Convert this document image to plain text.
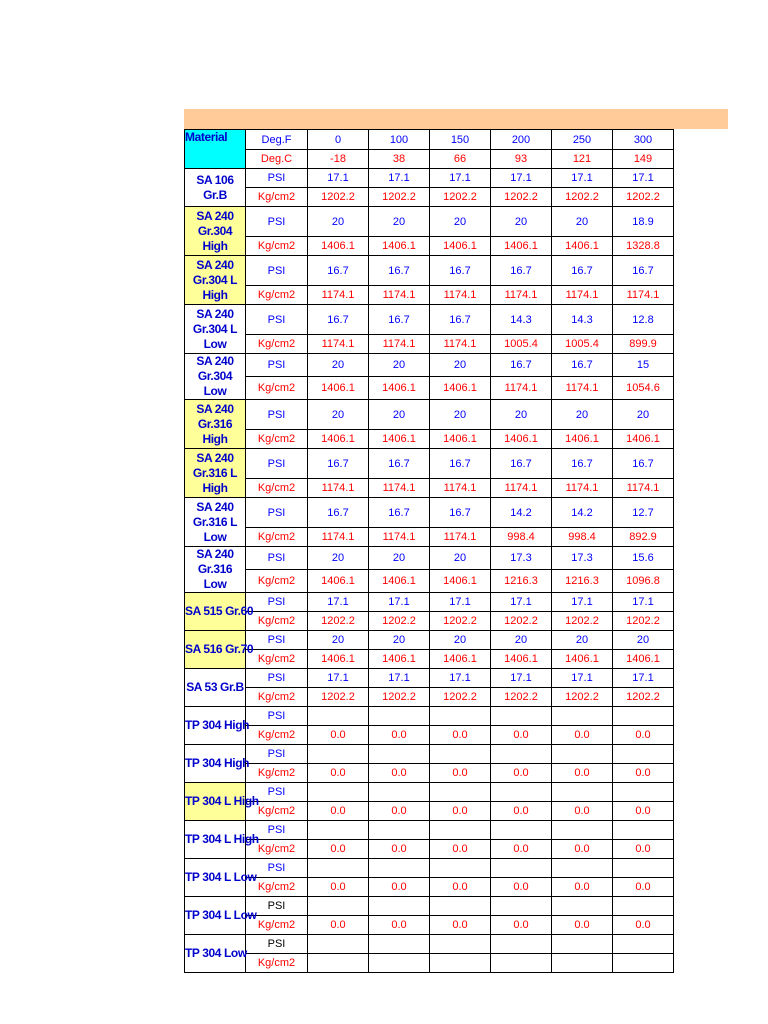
Material	Deg.F	0	100	150	200	250	300
	Deg.C	-18	38	66	93	121	149
SA 106 Gr.B	PSI	17.1	17.1	17.1	17.1	17.1	17.1
	Kg/cm2	1202.2	1202.2	1202.2	1202.2	1202.2	1202.2
SA 240 Gr.304 High	PSI	20	20	20	20	20	18.9
	Kg/cm2	1406.1	1406.1	1406.1	1406.1	1406.1	1328.8
SA 240 Gr.304 L High	PSI	16.7	16.7	16.7	16.7	16.7	16.7
	Kg/cm2	1174.1	1174.1	1174.1	1174.1	1174.1	1174.1
SA 240 Gr.304 L Low	PSI	16.7	16.7	16.7	14.3	14.3	12.8
	Kg/cm2	1174.1	1174.1	1174.1	1005.4	1005.4	899.9
SA 240 Gr.304 Low	PSI	20	20	20	16.7	16.7	15
	Kg/cm2	1406.1	1406.1	1406.1	1174.1	1174.1	1054.6
SA 240 Gr.316 High	PSI	20	20	20	20	20	20
	Kg/cm2	1406.1	1406.1	1406.1	1406.1	1406.1	1406.1
SA 240 Gr.316 L High	PSI	16.7	16.7	16.7	16.7	16.7	16.7
	Kg/cm2	1174.1	1174.1	1174.1	1174.1	1174.1	1174.1
SA 240 Gr.316 L Low	PSI	16.7	16.7	16.7	14.2	14.2	12.7
	Kg/cm2	1174.1	1174.1	1174.1	998.4	998.4	892.9
SA 240 Gr.316 Low	PSI	20	20	20	17.3	17.3	15.6
	Kg/cm2	1406.1	1406.1	1406.1	1216.3	1216.3	1096.8
SA 515 Gr.60	PSI	17.1	17.1	17.1	17.1	17.1	17.1
	Kg/cm2	1202.2	1202.2	1202.2	1202.2	1202.2	1202.2
SA 516 Gr.70	PSI	20	20	20	20	20	20
	Kg/cm2	1406.1	1406.1	1406.1	1406.1	1406.1	1406.1
SA 53 Gr.B	PSI	17.1	17.1	17.1	17.1	17.1	17.1
	Kg/cm2	1202.2	1202.2	1202.2	1202.2	1202.2	1202.2
TP 304 High	PSI						
	Kg/cm2	0.0	0.0	0.0	0.0	0.0	0.0
TP 304 High	PSI						
	Kg/cm2	0.0	0.0	0.0	0.0	0.0	0.0
TP 304 L High	PSI						
	Kg/cm2	0.0	0.0	0.0	0.0	0.0	0.0
TP 304 L High	PSI						
	Kg/cm2	0.0	0.0	0.0	0.0	0.0	0.0
TP 304 L Low	PSI						
	Kg/cm2	0.0	0.0	0.0	0.0	0.0	0.0
TP 304 L Low	PSI						
	Kg/cm2	0.0	0.0	0.0	0.0	0.0	0.0
TP 304 Low	PSI						
	Kg/cm2						
